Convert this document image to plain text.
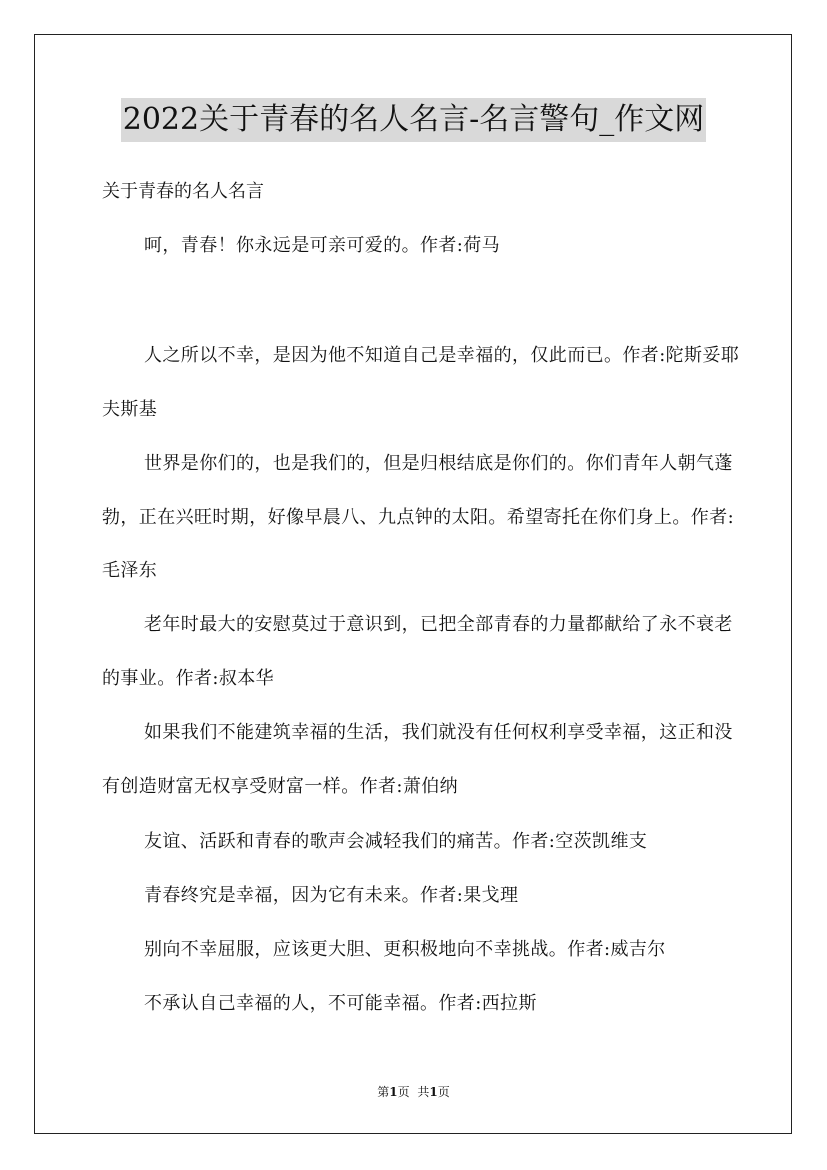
2022关于青春的名人名言-名言警句_作文网
关于青春的名人名言

呵，青春！你永远是可亲可爱的。作者:荷马

人之所以不幸，是因为他不知道自己是幸福的，仅此而已。作者:陀斯妥耶夫斯基

世界是你们的，也是我们的，但是归根结底是你们的。你们青年人朝气蓬勃，正在兴旺时期，好像早晨八、九点钟的太阳。希望寄托在你们身上。作者:毛泽东

老年时最大的安慰莫过于意识到，已把全部青春的力量都献给了永不衰老的事业。作者:叔本华

如果我们不能建筑幸福的生活，我们就没有任何权利享受幸福，这正和没有创造财富无权享受财富一样。作者:萧伯纳

友谊、活跃和青春的歌声会减轻我们的痛苦。作者:空茨凯维支

青春终究是幸福，因为它有未来。作者:果戈理

别向不幸屈服，应该更大胆、更积极地向不幸挑战。作者:威吉尔

不承认自己幸福的人，不可能幸福。作者:西拉斯

第1页 共1页
